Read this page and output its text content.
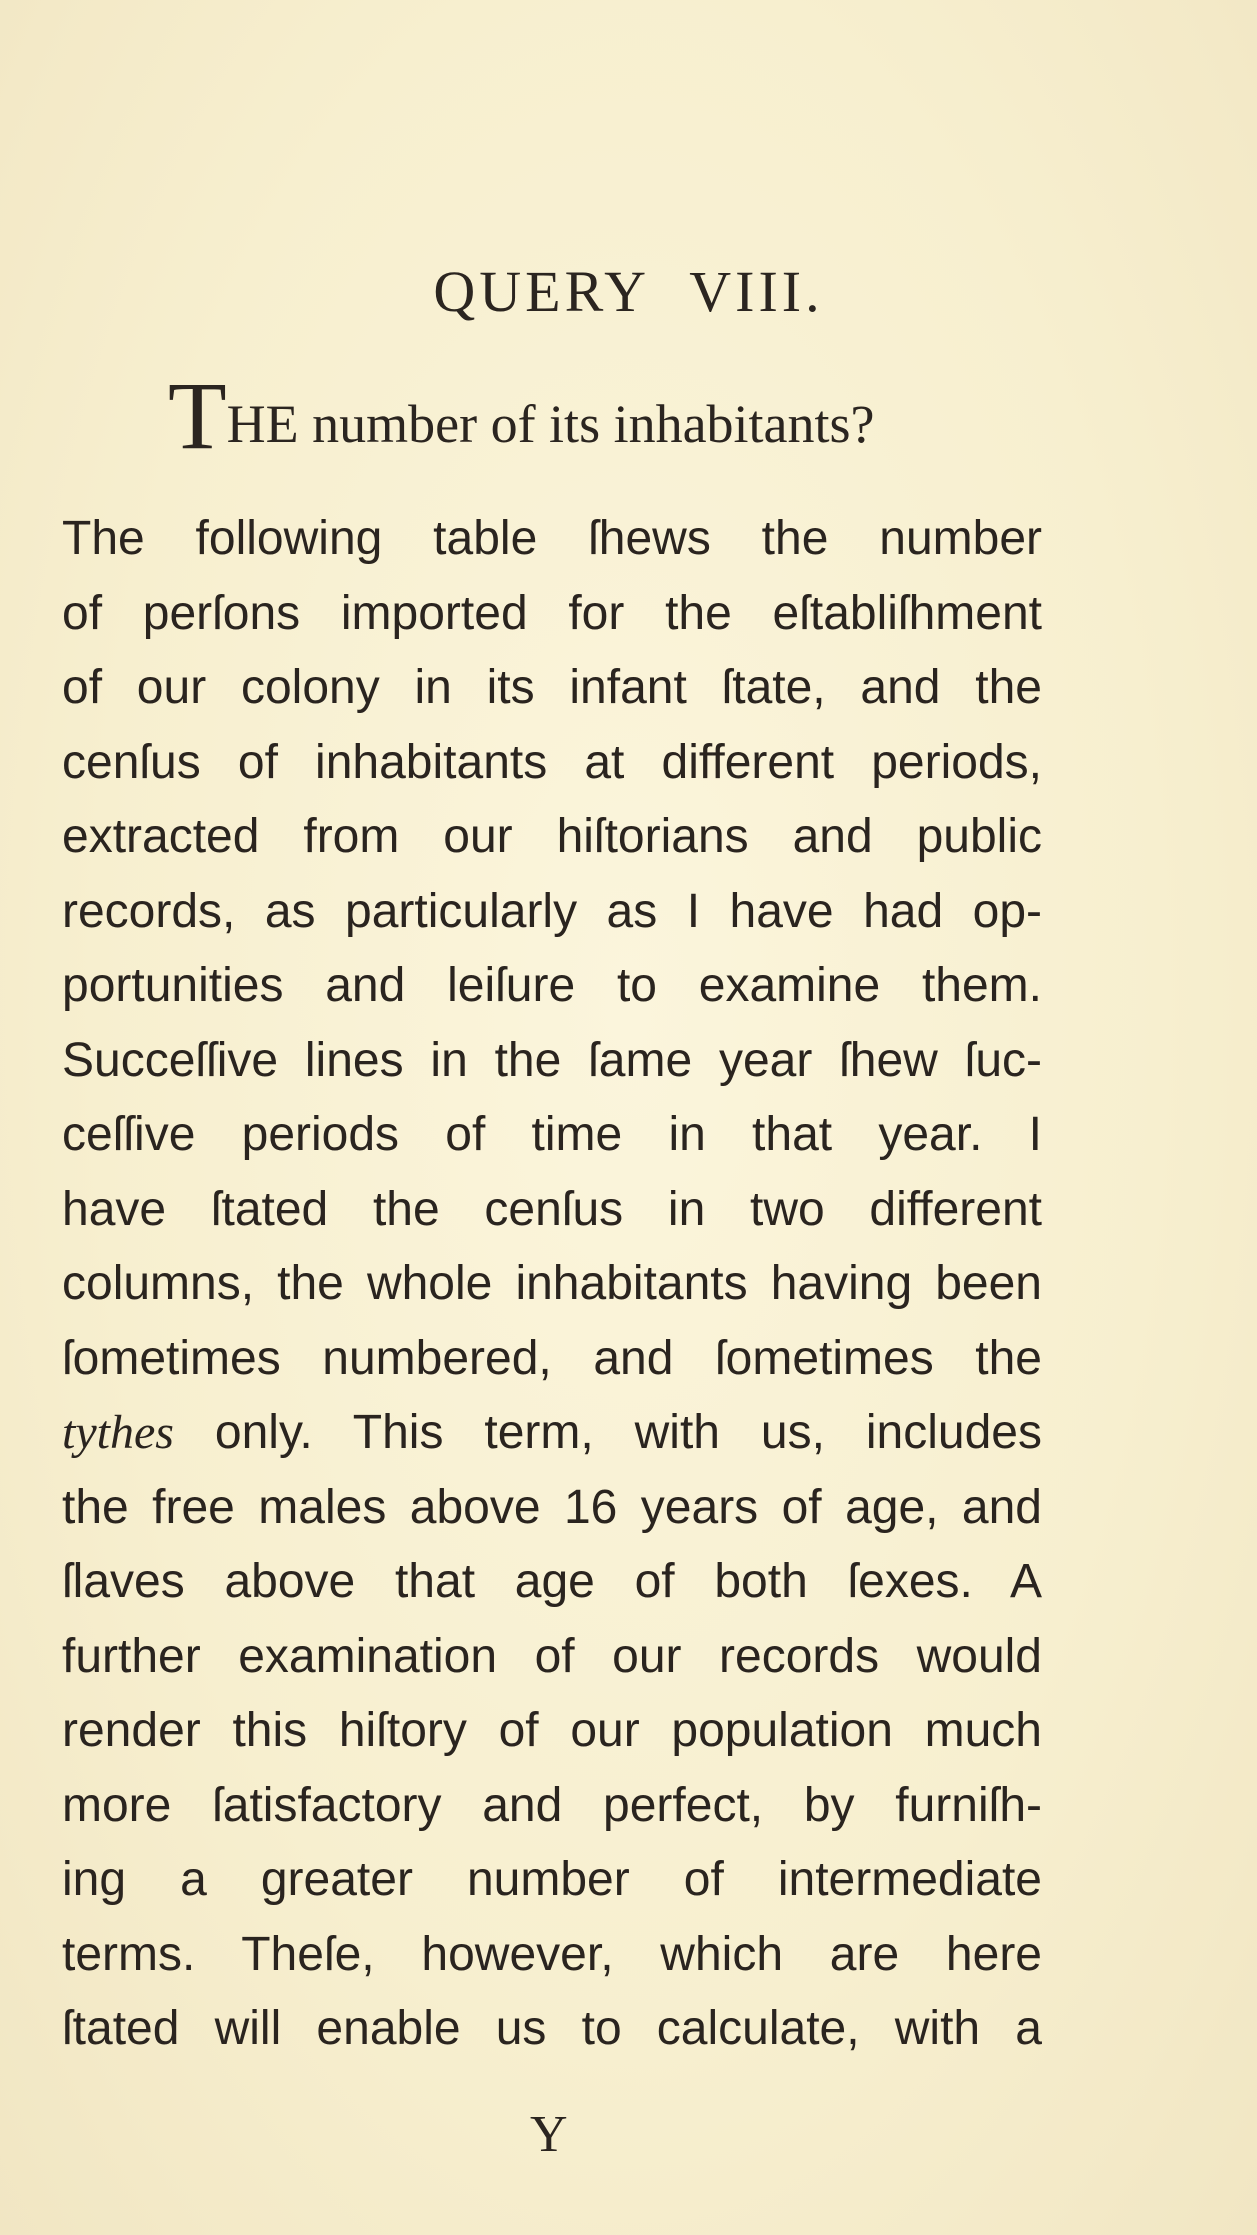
QUERY VIII.
THE number of its inhabitants?
The following table ſhews the number
of perſons imported for the eſtabliſhment
of our colony in its infant ſtate, and the
cenſus of inhabitants at different periods,
extracted from our hiſtorians and public
records, as particularly as I have had op-
portunities and leiſure to examine them.
Succeſſive lines in the ſame year ſhew ſuc-
ceſſive periods of time in that year. I
have ſtated the cenſus in two different
columns, the whole inhabitants having been
ſometimes numbered, and ſometimes the
tythes only. This term, with us, includes
the free males above 16 years of age, and
ſlaves above that age of both ſexes. A
further examination of our records would
render this hiſtory of our population much
more ſatisfactory and perfect, by furniſh-
ing a greater number of intermediate
terms. Theſe, however, which are here
ſtated will enable us to calculate, with a
Y
